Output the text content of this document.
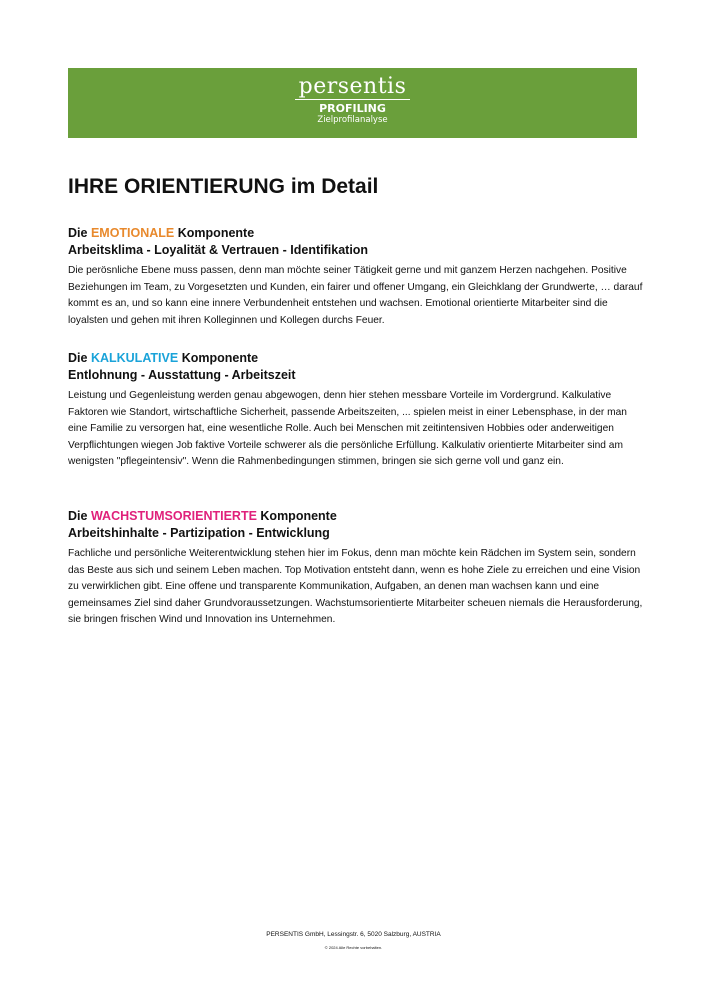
persentis
PROFILING
Zielprofilanalyse
IHRE ORIENTIERUNG im Detail
Die EMOTIONALE Komponente
Arbeitsklima - Loyalität & Vertrauen - Identifikation

Die perösnliche Ebene muss passen, denn man möchte seiner Tätigkeit gerne und mit ganzem Herzen nachgehen. Positive Beziehungen im Team, zu Vorgesetzten und Kunden, ein fairer und offener Umgang, ein Gleichklang der Grundwerte, … darauf kommt es an, und so kann eine innere Verbundenheit entstehen und wachsen. Emotional orientierte Mitarbeiter sind die loyalsten und gehen mit ihren Kolleginnen und Kollegen durchs Feuer.

Die KALKULATIVE Komponente
Entlohnung - Ausstattung - Arbeitszeit

Leistung und Gegenleistung werden genau abgewogen, denn hier stehen messbare Vorteile im Vordergrund. Kalkulative Faktoren wie Standort, wirtschaftliche Sicherheit, passende Arbeitszeiten, ... spielen meist in einer Lebensphase, in der man eine Familie zu versorgen hat, eine wesentliche Rolle. Auch bei Menschen mit zeitintensiven Hobbies oder anderweitigen Verpflichtungen wiegen Job faktive Vorteile schwerer als die persönliche Erfüllung. Kalkulativ orientierte Mitarbeiter sind am wenigsten "pflegeintensiv". Wenn die Rahmenbedingungen stimmen, bringen sie sich gerne voll und ganz ein.

Die WACHSTUMSORIENTIERTE Komponente
Arbeitshinhalte - Partizipation - Entwicklung

Fachliche und persönliche Weiterentwicklung stehen hier im Fokus, denn man möchte kein Rädchen im System sein, sondern das Beste aus sich und seinem Leben machen. Top Motivation entsteht dann, wenn es hohe Ziele zu erreichen und eine Vision zu verwirklichen gibt. Eine offene und transparente Kommunikation, Aufgaben, an denen man wachsen kann und eine gemeinsames Ziel sind daher Grundvoraussetzungen. Wachstumsorientierte Mitarbeiter scheuen niemals die Herausforderung, sie bringen frischen Wind und Innovation ins Unternehmen.

PERSENTIS GmbH, Lessingstr. 6, 5020 Salzburg, AUSTRIA
© 2024 Alle Rechte vorbehalten.
